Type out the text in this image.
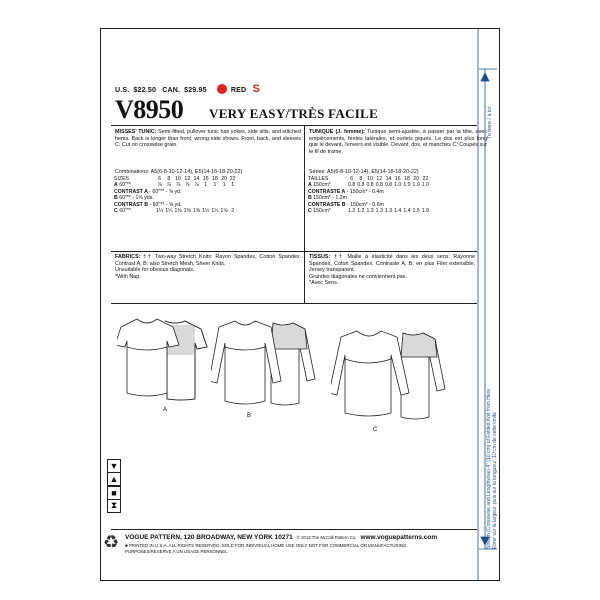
U.S. $22.50 CAN. $29.95	RED S
V8950 VERY EASY/TRÈS FACILE
MISSES' TUNIC: Semi-fitted, pullover tunic has yokes, side slits, and stitched hems. Back is longer than front, wrong side shows. Front, back, and sleeves C: Cut on crosswise grain.
Combinations: A5(6-8-10-12-14), E5(14-16-18-20-22)
SIZES	6	8	10	12	14	16	18	20	22
A 60"**	⅞	⅞	⅞	⅞	⅞	1	1	1	1
CONTRAST A - 60"** - ⅜ yd.									
B 60"** - 1⅛ yds.									
CONTRAST B - 60"** - ⅝ yd.									
C 60"**	1¼	1¼	1⅜	1⅜	1⅜	1½	1½	1⅝	2
FABRICS: †† Two-way Stretch Knits: Rayon Spandex, Cotton Spandex. Contrast A, B: also Stretch Mesh, Sheer Knits.
Unsuitable for obvious diagonals.
*With Nap.
TUNIQUE (J. femme): Tunique semi-ajustée, à passer par la tête, avec empiècements, fentes latérales, et ourlets piqués. Le dos est plus long que le devant, l'envers est visible. Devant, dos, et manches C: Coupés sur le fil de trame.
Séries: A5(6-8-10-12-14), E5(14-16-18-20-22)
TAILLES	6	8	10	12	14	16	18	20	22
A 150cm*	0.8	0.8	0.8	0.8	0.8	1.0	1.0	1.0	1.0
CONTRASTE A - 150cm* - 0.4m									
B 150cm* - 1.2m									
CONTRASTE B - 150cm* - 0.6m									
C 150cm*	1.2	1.2	1.3	1.3	1.3	1.4	1.4	1.5	1.9
TISSUS: †† Maille à élasticité dans les deux sens: Rayonne Spandex, Coton Spandex. Contraste A, B: en plus Filet extensible, Jersey transparent.
Grandes diagonales ne conviennent pas.
*Avec Sens.
A
B
C
▼
▲
■
⧗
♻ VOGUE PATTERN, 120 BROADWAY, NEW YORK 10271 © 2013 The McCall Pattern Co. www.voguepatterns.com
■ PRINTED IN U.S.A. ALL RIGHTS RESERVED. SOLD FOR INDIVIDUAL HOME USE ONLY NOT FOR COMMERCIAL OR MANUFACTURING
PURPOSES/RESERVE A UN USAGE PERSONNEL
To here / à ici
Stretch (Crosswise and Lengthwise) 4" (10 cm) of Folded Knit from Here Étirer sur la largeur, puis sur la longueur, 10 cm de cette limite
